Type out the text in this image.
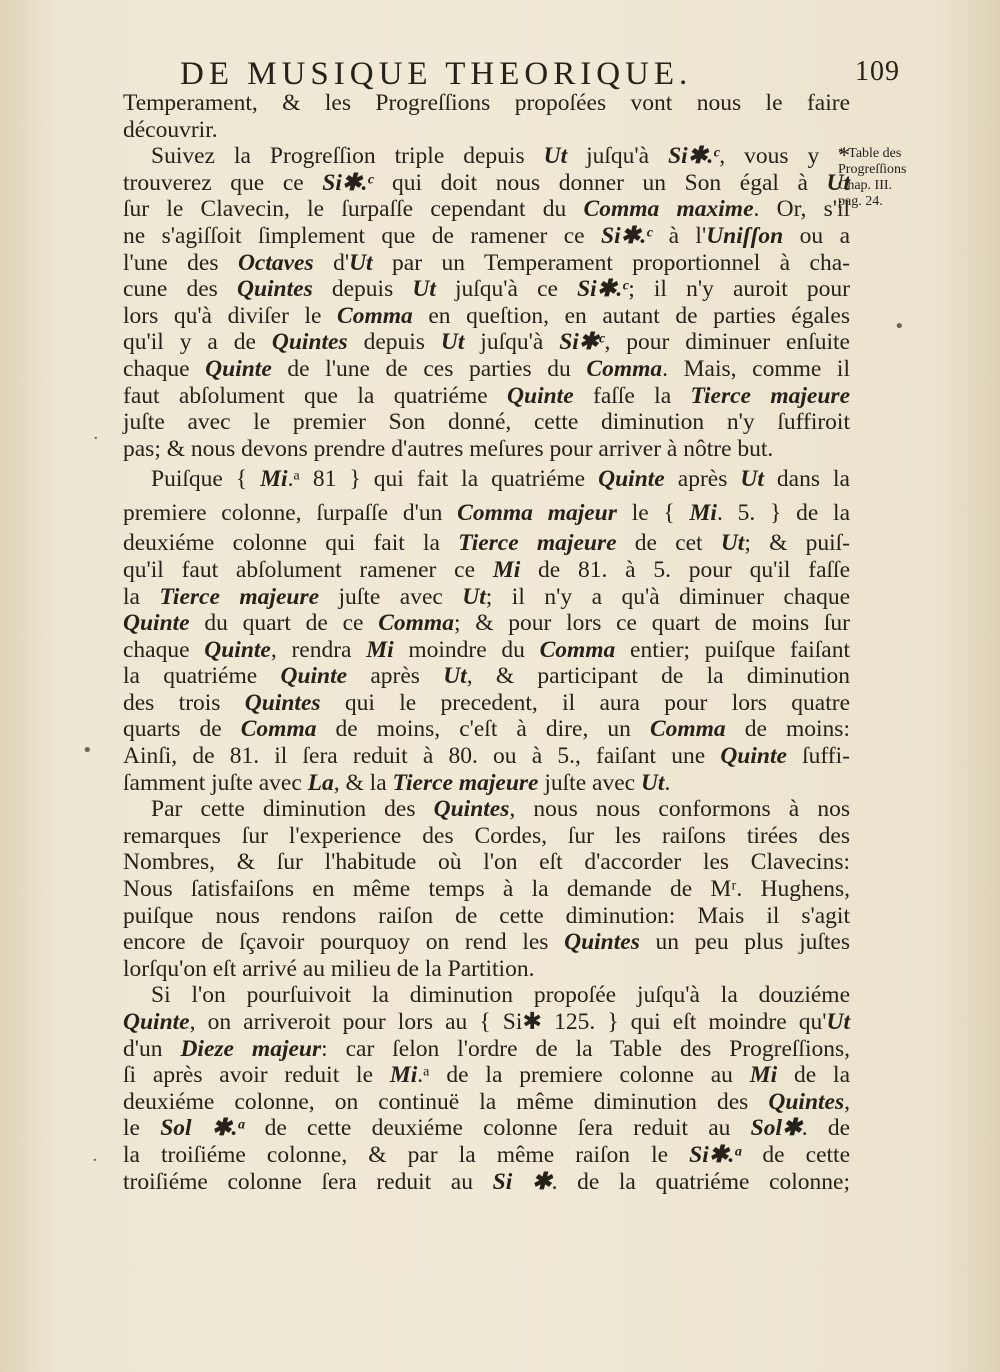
DE MUSIQUE THEORIQUE.	109
* Table des
Progreſſions
Chap. III.
pag. 24.
Temperament, & les Progreſſions propoſées vont nous le faire
découvrir.
Suivez la Progreſſion triple depuis Ut juſqu'à Si✱.ᶜ, vous y *
trouverez que ce Si✱.ᶜ qui doit nous donner un Son égal à Ut
ſur le Clavecin, le ſurpaſſe cependant du Comma maxime. Or, s'il
ne s'agiſſoit ſimplement que de ramener ce Si✱.ᶜ à l'Uniſſon ou a
l'une des Octaves d'Ut par un Temperament proportionnel à cha-
cune des Quintes depuis Ut juſqu'à ce Si✱.ᶜ; il n'y auroit pour
lors qu'à diviſer le Comma en queſtion, en autant de parties égales
qu'il y a de Quintes depuis Ut juſqu'à Si✱ᶜ, pour diminuer enſuite
chaque Quinte de l'une de ces parties du Comma. Mais, comme il
faut abſolument que la quatriéme Quinte faſſe la Tierce majeure
juſte avec le premier Son donné, cette diminution n'y ſuffiroit
pas; & nous devons prendre d'autres meſures pour arriver à nôtre but.
Puiſque { Mi.ᵃ 81 } qui fait la quatriéme Quinte après Ut dans la
premiere colonne, ſurpaſſe d'un Comma majeur le { Mi. 5. } de la
deuxiéme colonne qui fait la Tierce majeure de cet Ut; & puiſ-
qu'il faut abſolument ramener ce Mi de 81. à 5. pour qu'il faſſe
la Tierce majeure juſte avec Ut; il n'y a qu'à diminuer chaque
Quinte du quart de ce Comma; & pour lors ce quart de moins ſur
chaque Quinte, rendra Mi moindre du Comma entier; puiſque faiſant
la quatriéme Quinte après Ut, & participant de la diminution
des trois Quintes qui le precedent, il aura pour lors quatre
quarts de Comma de moins, c'eſt à dire, un Comma de moins:
Ainſi, de 81. il ſera reduit à 80. ou à 5., faiſant une Quinte ſuffi-
ſamment juſte avec La, & la Tierce majeure juſte avec Ut.
Par cette diminution des Quintes, nous nous conformons à nos
remarques ſur l'experience des Cordes, ſur les raiſons tirées des
Nombres, & ſur l'habitude où l'on eſt d'accorder les Clavecins:
Nous ſatisfaiſons en même temps à la demande de Mʳ. Hughens,
puiſque nous rendons raiſon de cette diminution: Mais il s'agit
encore de ſçavoir pourquoy on rend les Quintes un peu plus juſtes
lorſqu'on eſt arrivé au milieu de la Partition.
Si l'on pourſuivoit la diminution propoſée juſqu'à la douziéme
Quinte, on arriveroit pour lors au { Si✱ 125. } qui eſt moindre qu'Ut
d'un Dieze majeur: car ſelon l'ordre de la Table des Progreſſions,
ſi après avoir reduit le Mi.ᵃ de la premiere colonne au Mi de la
deuxiéme colonne, on continuë la même diminution des Quintes,
le Sol ✱.ᵃ de cette deuxiéme colonne ſera reduit au Sol✱. de
la troiſiéme colonne, & par la même raiſon le Si✱.ᵃ de cette
troiſiéme colonne ſera reduit au Si ✱. de la quatriéme colonne;
•
·
•
·
